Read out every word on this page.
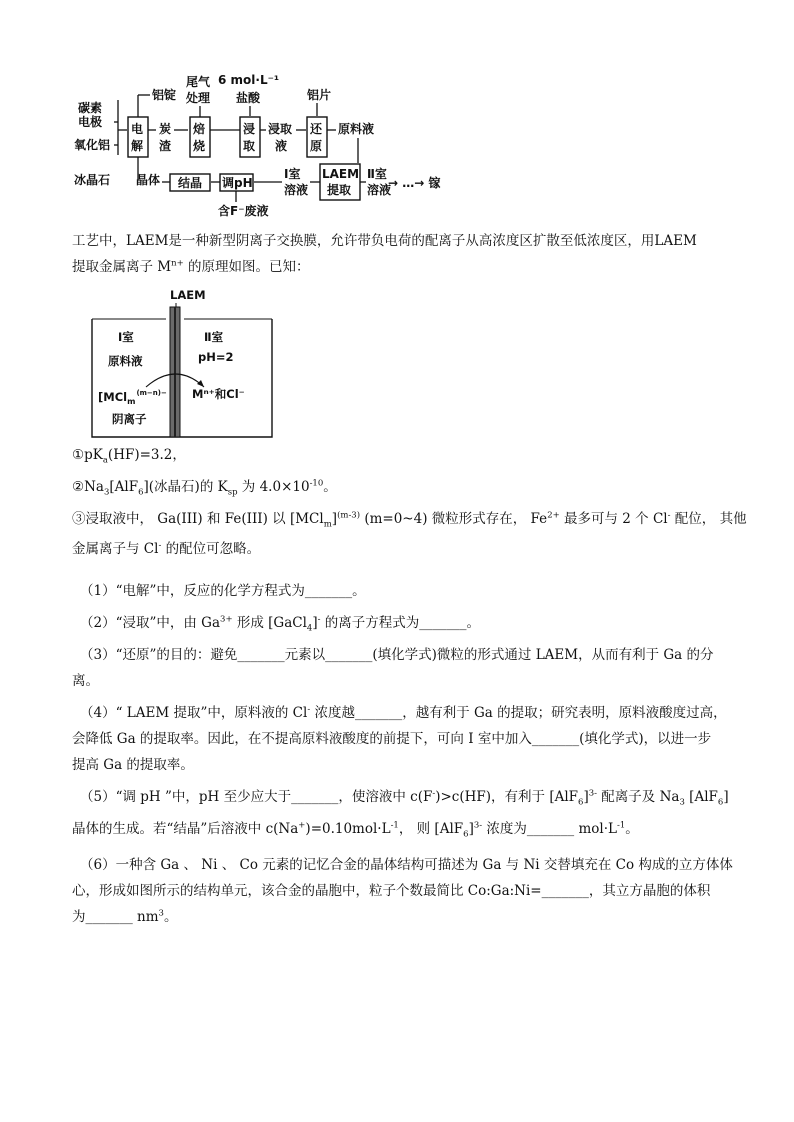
碳素
电极
氧化铝
冰晶石
电
解
铝锭
晶体
炭
渣
焙
烧
尾气
处理
6 mol·L⁻¹
盐酸
浸
取
浸取
液
还
原
铝片
原料液
LAEM
提取
Ⅱ室
溶液
→ …→ 镓
Ⅰ室
溶液
调pH
含F⁻废液
结晶
工艺中，LAEM是一种新型阴离子交换膜，允许带负电荷的配离子从高浓度区扩散至低浓度区，用LAEM
提取金属离子 $M^{n+}$ 的原理如图。已知：
LAEM
Ⅰ室
原料液
[MCl$_m^{(m-n)-}$
阴离子
Ⅱ室
pH=2
Mⁿ⁺和Cl⁻
$①pK_a(HF)=3.2$，
$②Na_3[AlF_6]$(冰晶石)的 $K_{sp}$ 为 $4.0\times 10^{-10}$。
③浸取液中， Ga(III) 和 Fe(III) 以 $[MCl_m]^{(m-3)}$ (m=0~4) 微粒形式存在， $Fe^{2+}$ 最多可与 2 个 Cl- 配位， 其他
金属离子与 Cl- 的配位可忽略。
（1）“电解”中，反应的化学方程式为_______。
（2）“浸取”中，由 $Ga^{3+}$ 形成 [GaCl$_4$]- 的离子方程式为_______。
（3）“还原”的目的：避免_______元素以_______(填化学式)微粒的形式通过 LAEM，从而有利于 Ga 的分
离。
（4）“ LAEM 提取”中，原料液的 Cl- 浓度越_______，越有利于 Ga 的提取；研究表明，原料液酸度过高，
会降低 Ga 的提取率。因此，在不提高原料液酸度的前提下，可向 I 室中加入_______(填化学式)，以进一步
提高 Ga 的提取率。
（5）“调 pH ”中，pH 至少应大于_______，使溶液中 c(F-)>c(HF)，有利于 $[AlF_6]^{3-}$ 配离子及 $Na_3$ [AlF$_6$]
晶体的生成。若“结晶”后溶液中 $c(Na^+)=0.10mol\cdot L^{-1}$， 则 $[AlF_6]^{3-}$ 浓度为_______ $mol\cdot L^{-1}$。
（6）一种含 Ga 、 Ni 、 Co 元素的记忆合金的晶体结构可描述为 Ga 与 Ni 交替填充在 Co 构成的立方体体
心，形成如图所示的结构单元，该合金的晶胞中，粒子个数最简比 Co:Ga:Ni=_______，其立方晶胞的体积
为_______ $nm^3$。
